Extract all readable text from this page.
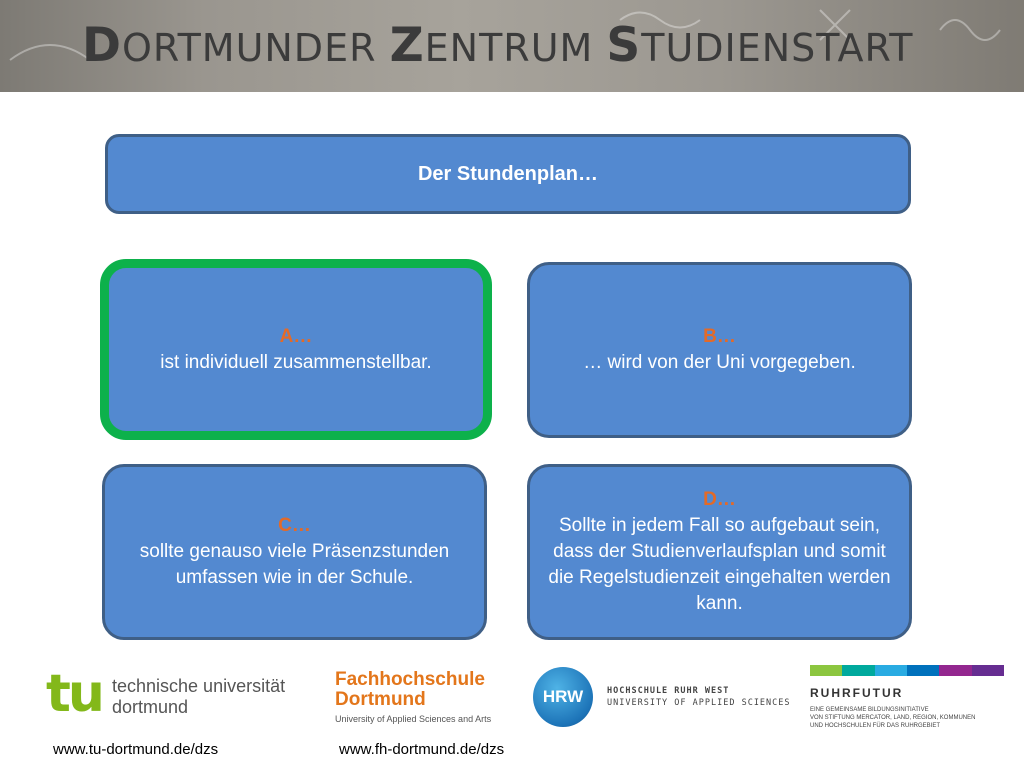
DORTMUNDER ZENTRUM STUDIENSTART
Der Stundenplan…
A…
ist individuell zusammenstellbar.
B…
… wird von der Uni vorgegeben.
C…
sollte genauso viele Präsenzstunden umfassen wie in der Schule.
D…
Sollte in jedem Fall so aufgebaut sein, dass der Studienverlaufsplan und somit die Regelstudienzeit eingehalten werden kann.
tu technische universität
dortmund
Fachhochschule
Dortmund
University of Applied Sciences and Arts
HRW	HOCHSCHULE RUHR WEST
UNIVERSITY OF APPLIED SCIENCES
RUHRFUTUR
EINE GEMEINSAME BILDUNGSINITIATIVE
VON STIFTUNG MERCATOR, LAND, REGION, KOMMUNEN
UND HOCHSCHULEN FÜR DAS RUHRGEBIET
www.tu-dortmund.de/dzs	www.fh-dortmund.de/dzs
